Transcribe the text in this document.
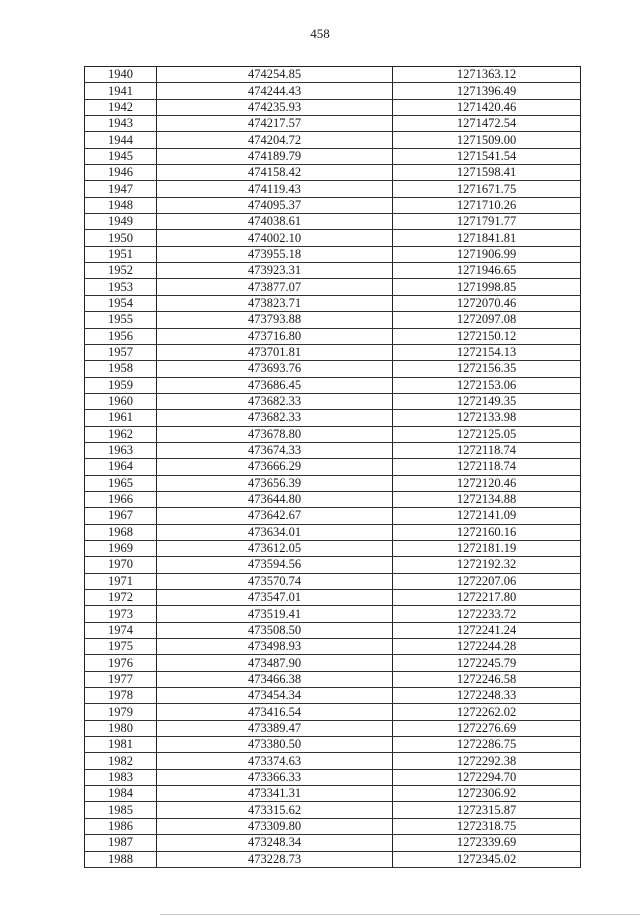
458
1940	474254.85	1271363.12
1941	474244.43	1271396.49
1942	474235.93	1271420.46
1943	474217.57	1271472.54
1944	474204.72	1271509.00
1945	474189.79	1271541.54
1946	474158.42	1271598.41
1947	474119.43	1271671.75
1948	474095.37	1271710.26
1949	474038.61	1271791.77
1950	474002.10	1271841.81
1951	473955.18	1271906.99
1952	473923.31	1271946.65
1953	473877.07	1271998.85
1954	473823.71	1272070.46
1955	473793.88	1272097.08
1956	473716.80	1272150.12
1957	473701.81	1272154.13
1958	473693.76	1272156.35
1959	473686.45	1272153.06
1960	473682.33	1272149.35
1961	473682.33	1272133.98
1962	473678.80	1272125.05
1963	473674.33	1272118.74
1964	473666.29	1272118.74
1965	473656.39	1272120.46
1966	473644.80	1272134.88
1967	473642.67	1272141.09
1968	473634.01	1272160.16
1969	473612.05	1272181.19
1970	473594.56	1272192.32
1971	473570.74	1272207.06
1972	473547.01	1272217.80
1973	473519.41	1272233.72
1974	473508.50	1272241.24
1975	473498.93	1272244.28
1976	473487.90	1272245.79
1977	473466.38	1272246.58
1978	473454.34	1272248.33
1979	473416.54	1272262.02
1980	473389.47	1272276.69
1981	473380.50	1272286.75
1982	473374.63	1272292.38
1983	473366.33	1272294.70
1984	473341.31	1272306.92
1985	473315.62	1272315.87
1986	473309.80	1272318.75
1987	473248.34	1272339.69
1988	473228.73	1272345.02
